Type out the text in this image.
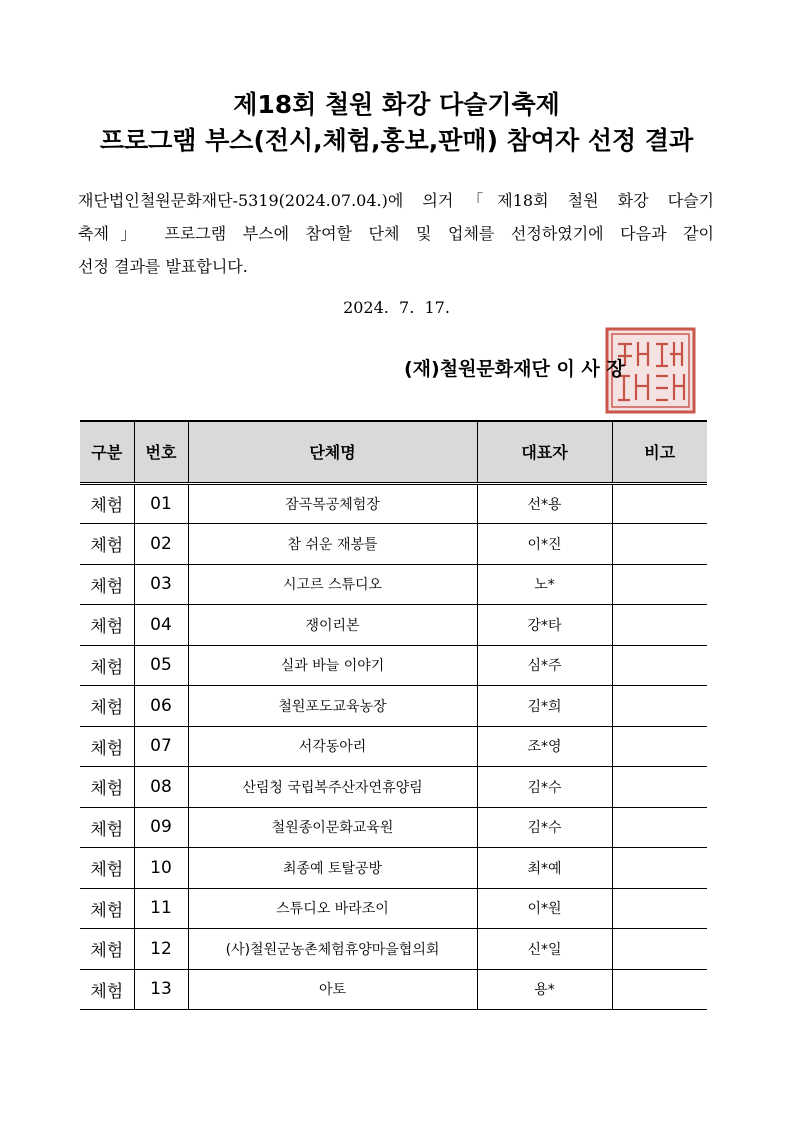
제18회 철원 화강 다슬기축제
프로그램 부스(전시,체험,홍보,판매) 참여자 선정 결과
재단법인철원문화재단-5319(2024.07.04.)에 의거「제18회 철원 화강 다슬기
축제」 프로그램 부스에 참여할 단체 및 업체를 선정하였기에 다음과 같이
선정 결과를 발표합니다.
2024.  7.  17.
(재)철원문화재단 이 사 장
구분	번호	단체명	대표자	비고
체험	01	잠곡목공체험장	선*용	
체험	02	참 쉬운 재봉틀	이*진	
체험	03	시고르 스튜디오	노*	
체험	04	쟁이리본	강*타	
체험	05	실과 바늘 이야기	심*주	
체험	06	철원포도교육농장	김*희	
체험	07	서각동아리	조*영	
체험	08	산림청 국립복주산자연휴양림	김*수	
체험	09	철원종이문화교육원	김*수	
체험	10	최종예 토탈공방	최*예	
체험	11	스튜디오 바라조이	이*원	
체험	12	(사)철원군농촌체험휴양마을협의회	신*일	
체험	13	아토	용*	
